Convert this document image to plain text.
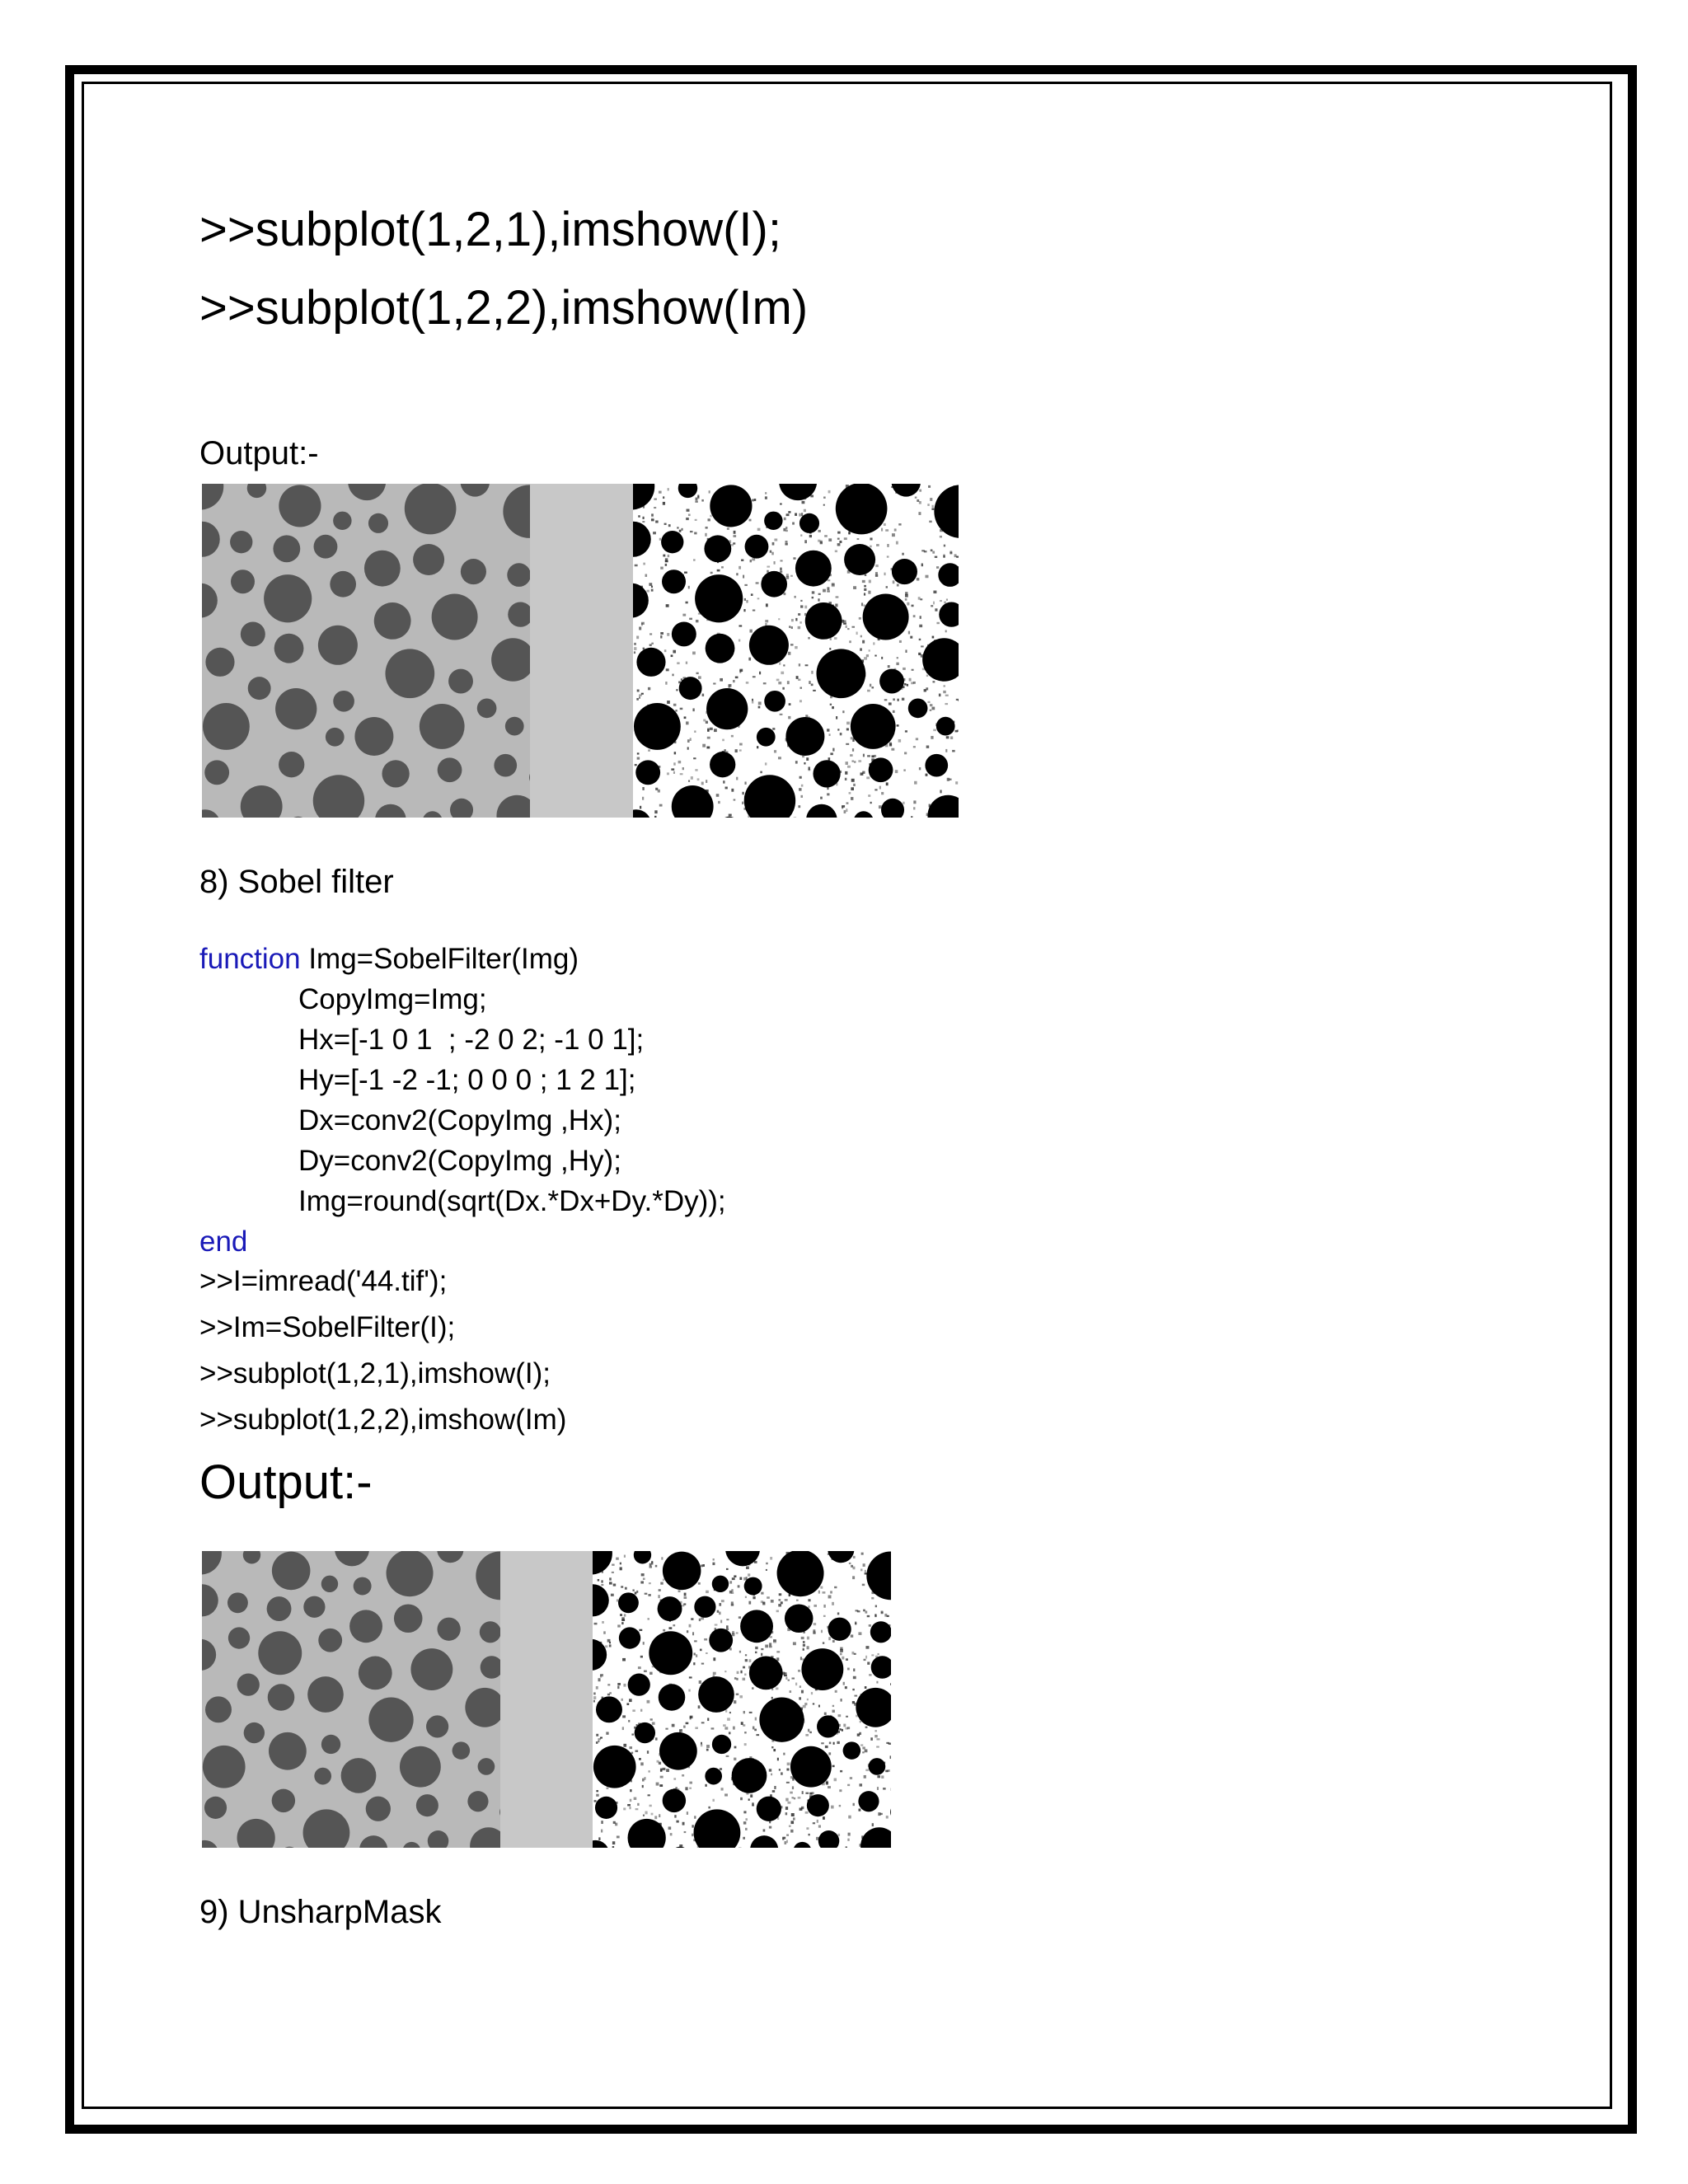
>>subplot(1,2,1),imshow(I);
>>subplot(1,2,2),imshow(Im)
Output:-
8) Sobel filter
function Img=SobelFilter(Img)
CopyImg=Img;
Hx=[-1 0 1  ; -2 0 2; -1 0 1];
Hy=[-1 -2 -1; 0 0 0 ; 1 2 1];
Dx=conv2(CopyImg ,Hx);
Dy=conv2(CopyImg ,Hy);
Img=round(sqrt(Dx.*Dx+Dy.*Dy));
end
>>I=imread('44.tif');
>>Im=SobelFilter(I);
>>subplot(1,2,1),imshow(I);
>>subplot(1,2,2),imshow(Im)
Output:-
9) UnsharpMask
